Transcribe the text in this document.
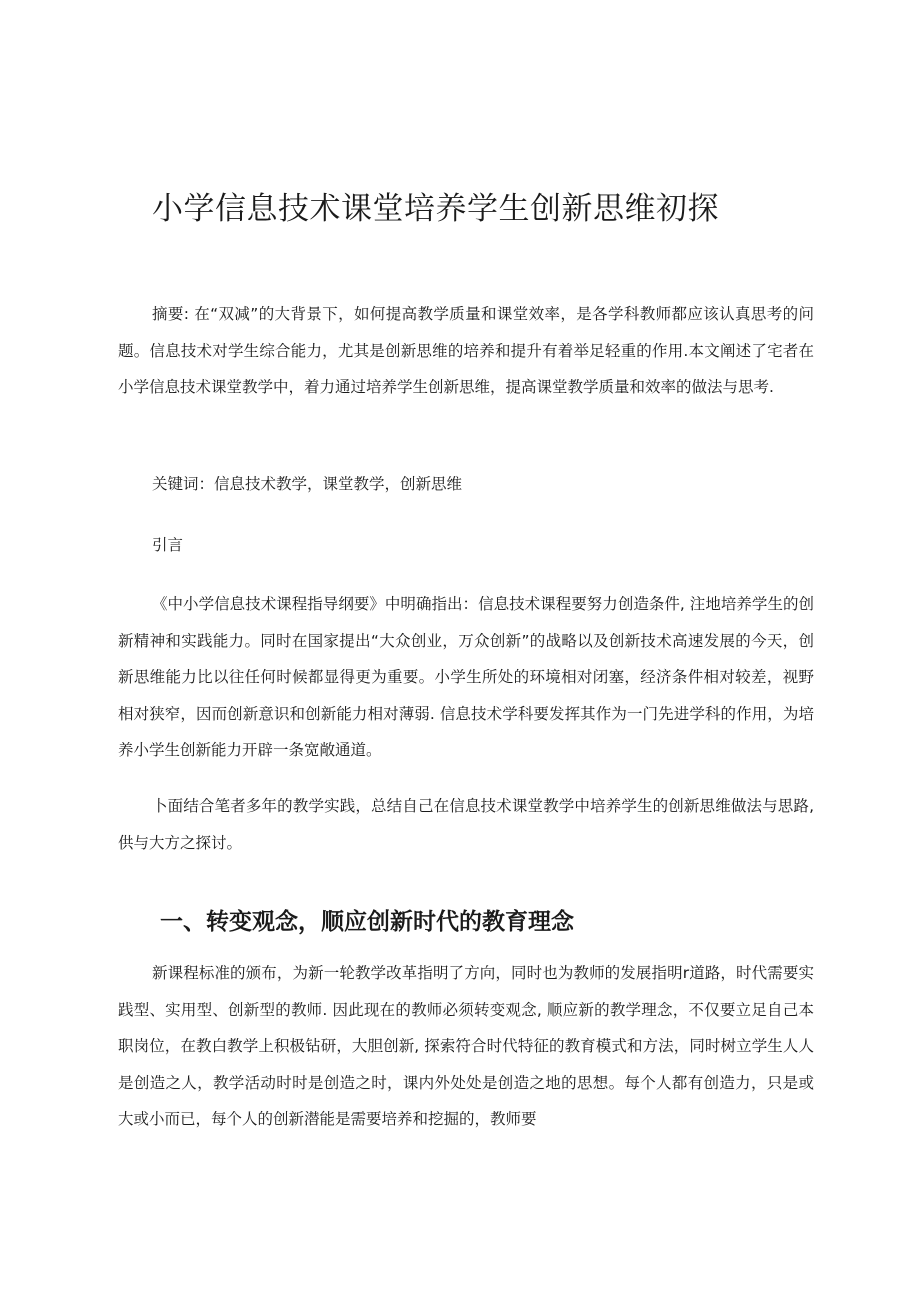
小学信息技术课堂培养学生创新思维初探

摘要: 在“双减”的大背景下，如何提高教学质量和课堂效率，是各学科教师都应该认真思考的问题。信息技术对学生综合能力，尤其是创新思维的培养和提升有着举足轻重的作用.本文阐述了宅者在小学信息技术课堂教学中，着力通过培养学生创新思维，提高课堂教学质量和效率的做法与思考.

关键词：信息技术教学，课堂教学，创新思维
引言

《中小学信息技术课程指导纲要》中明确指出：信息技术课程要努力创造条件, 注地培养学生的创新精神和实践能力。同时在国家提出“大众创业，万众创新”的战略以及创新技术高速发展的今天，创新思维能力比以往任何时候都显得更为重要。小学生所处的环境相对闭塞，经济条件相对较差，视野相对狭窄，因而创新意识和创新能力相对薄弱. 信息技术学科要发挥其作为一门先进学科的作用，为培养小学生创新能力开辟一条宽敞通道。

卜面结合笔者多年的教学实践，总结自己在信息技术课堂教学中培养学生的创新思维做法与思路, 供与大方之探讨。

一、转变观念，顺应创新时代的教育理念

新课程标准的颁布，为新一轮教学改革指明了方向，同时也为教师的发展指明r道路，时代需要实践型、实用型、创新型的教师. 因此现在的教师必须转变观念, 顺应新的教学理念，不仅要立足自己本职岗位，在教白教学上积极钻研，大胆创新, 探索符合时代特征的教育模式和方法，同时树立学生人人是创造之人，教学活动时时是创造之时，课内外处处是创造之地的思想。每个人都有创造力，只是或大或小而已，每个人的创新潜能是需要培养和挖掘的，教师要
